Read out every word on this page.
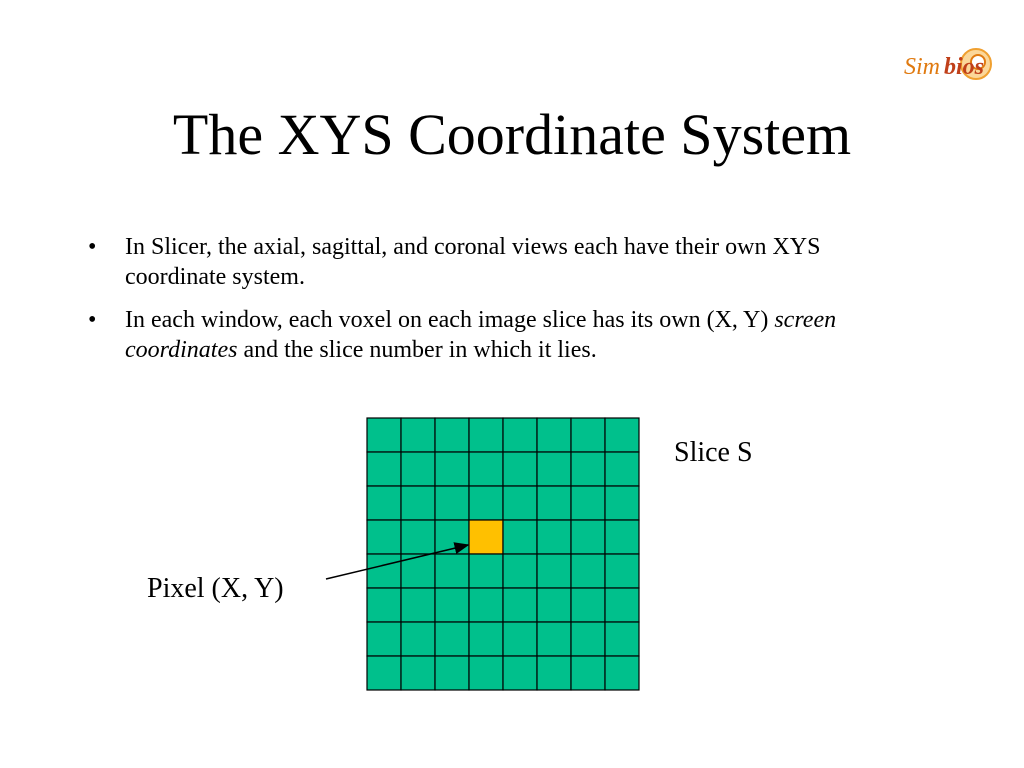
Sim bios
The XYS Coordinate System
• In Slicer, the axial, sagittal, and coronal views each have their own XYS coordinate system.
• In each window, each voxel on each image slice has its own (X, Y) screen coordinates and the slice number in which it lies.
Slice S
Pixel (X, Y)
